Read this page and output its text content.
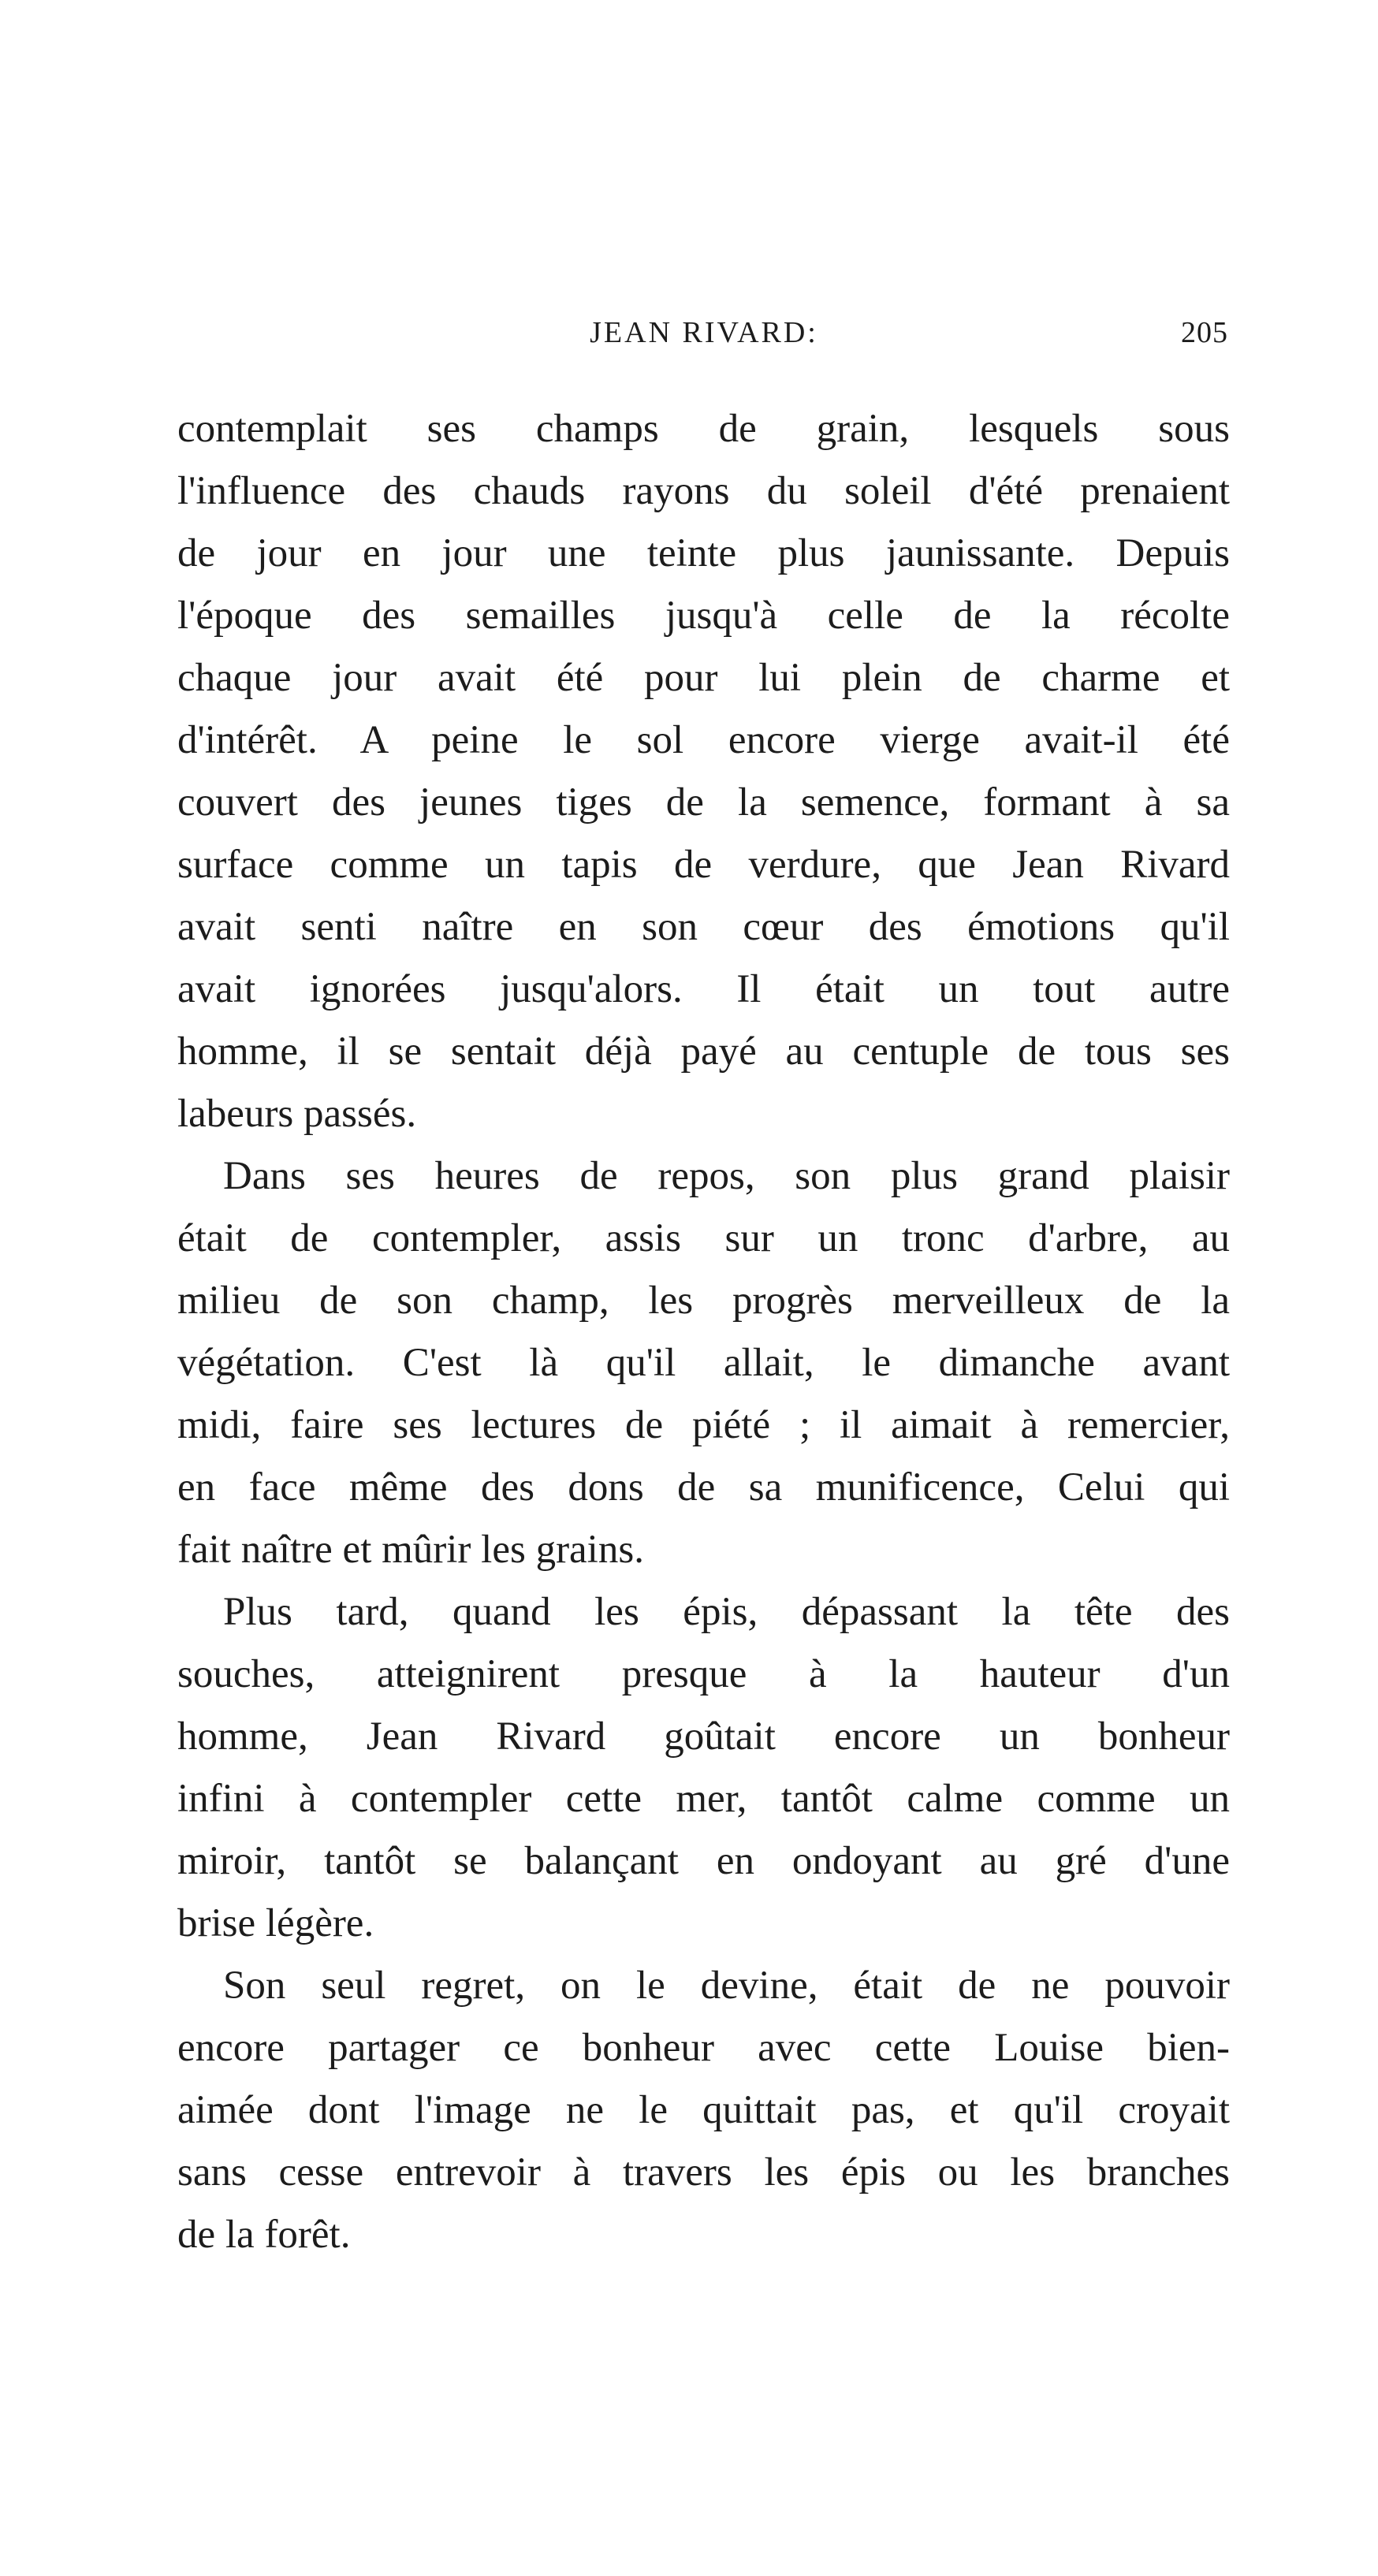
JEAN RIVARD:	205

contemplait ses champs de grain, lesquels sous
l'influence des chauds rayons du soleil d'été prenaient
de jour en jour une teinte plus jaunissante. Depuis
l'époque des semailles jusqu'à celle de la récolte
chaque jour avait été pour lui plein de charme et
d'intérêt. A peine le sol encore vierge avait-il été
couvert des jeunes tiges de la semence, formant à sa
surface comme un tapis de verdure, que Jean Rivard
avait senti naître en son cœur des émotions qu'il
avait ignorées jusqu'alors. Il était un tout autre
homme, il se sentait déjà payé au centuple de tous ses
labeurs passés.

Dans ses heures de repos, son plus grand plaisir
était de contempler, assis sur un tronc d'arbre, au
milieu de son champ, les progrès merveilleux de la
végétation. C'est là qu'il allait, le dimanche avant
midi, faire ses lectures de piété ; il aimait à remercier,
en face même des dons de sa munificence, Celui qui
fait naître et mûrir les grains.

Plus tard, quand les épis, dépassant la tête des
souches, atteignirent presque à la hauteur d'un
homme, Jean Rivard goûtait encore un bonheur
infini à contempler cette mer, tantôt calme comme un
miroir, tantôt se balançant en ondoyant au gré d'une
brise légère.

Son seul regret, on le devine, était de ne pouvoir
encore partager ce bonheur avec cette Louise bien-
aimée dont l'image ne le quittait pas, et qu'il croyait
sans cesse entrevoir à travers les épis ou les branches
de la forêt.
